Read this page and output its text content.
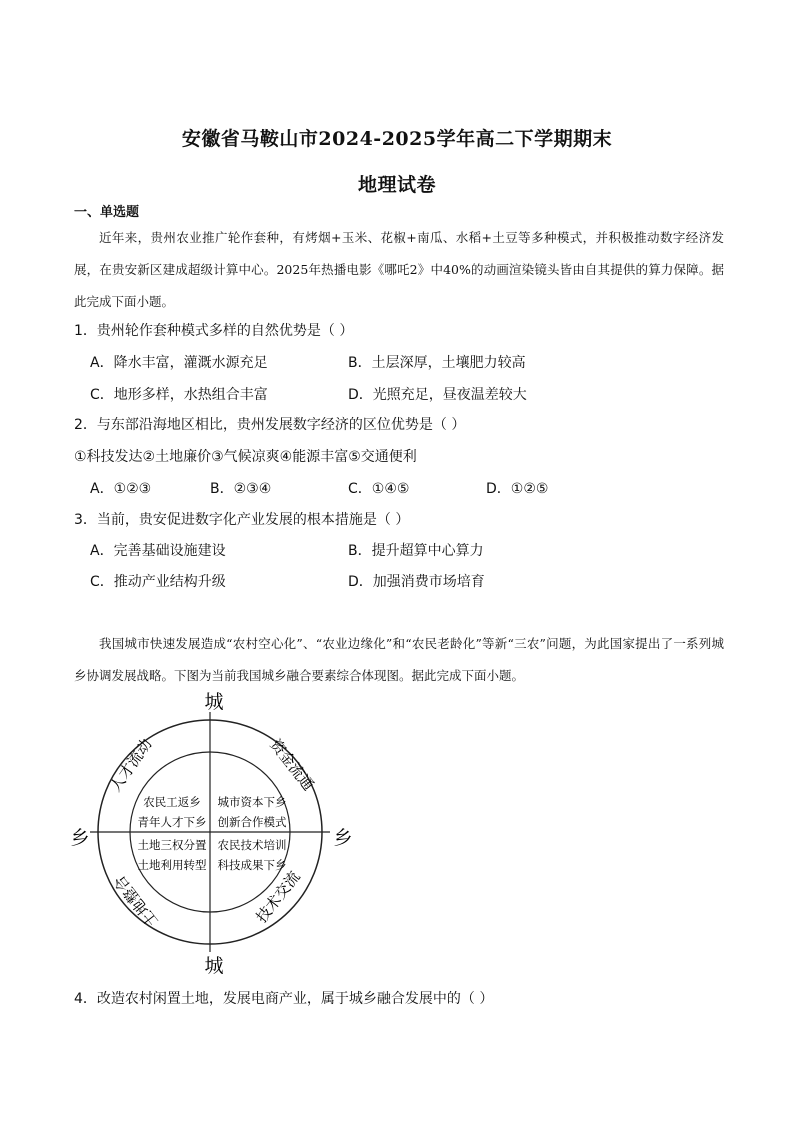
安徽省马鞍山市2024-2025学年高二下学期期末
地理试卷
一、单选题

近年来，贵州农业推广轮作套种，有烤烟+玉米、花椒+南瓜、水稻+土豆等多种模式，并积极推动数字经济发展，在贵安新区建成超级计算中心。2025年热播电影《哪吒2》中40%的动画渲染镜头皆由自其提供的算力保障。据此完成下面小题。

1．贵州轮作套种模式多样的自然优势是（ ）
A．降水丰富，灌溉水源充足	B．土层深厚，土壤肥力较高
C．地形多样，水热组合丰富	D．光照充足，昼夜温差较大
2．与东部沿海地区相比，贵州发展数字经济的区位优势是（ ）
①科技发达②土地廉价③气候凉爽④能源丰富⑤交通便利
A．①②③	B．②③④	C．①④⑤	D．①②⑤
3．当前，贵安促进数字化产业发展的根本措施是（ ）
A．完善基础设施建设	B．提升超算中心算力
C．推动产业结构升级	D．加强消费市场培育

我国城市快速发展造成“农村空心化”、“农业边缘化”和“农民老龄化”等新“三农”问题，为此国家提出了一系列城乡协调发展战略。下图为当前我国城乡融合要素综合体现图。据此完成下面小题。

城
城
乡	乡
人才流动	资金流通
土地整合	技术交流
农民工返乡
青年人才下乡
城市资本下乡
创新合作模式
土地三权分置
土地利用转型
农民技术培训
科技成果下乡
4．改造农村闲置土地，发展电商产业，属于城乡融合发展中的（ ）
